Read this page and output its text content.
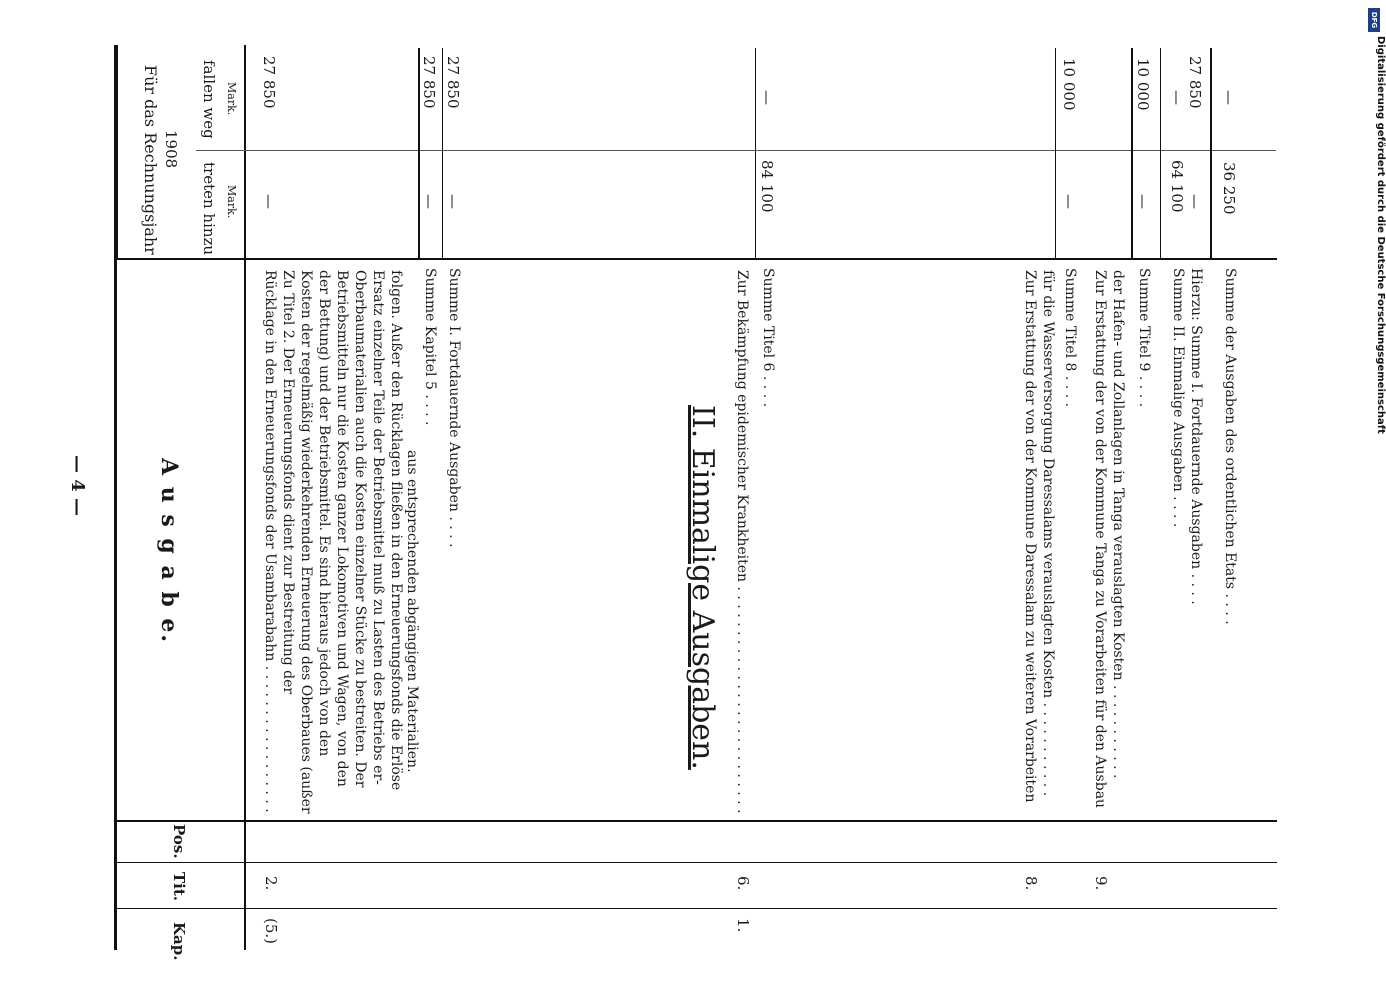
— 4 —
Kap.
Tit.
Pos.
A u s g a b e.
Für das Rechnungsjahr 1908
treten hinzu Mark.
fallen weg Mark.
(5.)
2.
Rücklage in den Erneuerungsfonds der Usambarabahn . . . . . . . . . . . . . . . . . Zu Titel 2. Der Erneuerungsfonds dient zur Bestreitung der Kosten der regelmäßig wiederkehrenden Erneuerung des Oberbaues (außer der Bettung) und der Betriebsmittel. Es sind hieraus jedoch von den Betriebsmitteln nur die Kosten ganzer Lokomotiven und Wagen, von den Oberbaumaterialien auch die Kosten einzelner Stücke zu bestreiten. Der Ersatz einzelner Teile der Betriebsmittel muß zu Lasten des Betriebs er- folgen. Außer den Rücklagen fließen in den Erneuerungsfonds die Erlöse aus entsprechenden abgängigen Materialien.
—
27 850
Summe Kapitel 5 . . . .
—
27 850
Summe I. Fortdauernde Ausgaben . . . .
—
27 850
II. Einmalige Ausgaben.
1.
6.
Zur Bekämpfung epidemischer Krankheiten . . . . . . . . . . . . . . . . . . . . . . . . . . Summe Titel 6 . . . .
84 100
—
8.
Zur Erstattung der von der Kommune Daressalam zu weiteren Vorarbeiten für die Wasserversorgung Daressalams verauslagten Kosten . . . . . . . . . . . Summe Titel 8 . . . .
—
10 000
9.
Zur Erstattung der von der Kommune Tanga zu Vorarbeiten für den Ausbau der Hafen- und Zollanlagen in Tanga verauslagten Kosten . . . . . . . . . . . Summe Titel 9 . . . .
—
10 000
Summe II. Einmalige Ausgaben . . . .
64 100
—
Hierzu: Summe I. Fortdauernde Ausgaben . . . .
—
27 850
Summe der Ausgaben des ordentlichen Etats . . . .
36 250
—
DFG
Digitalisierung gefördert durch die Deutsche Forschungsgemeinschaft
